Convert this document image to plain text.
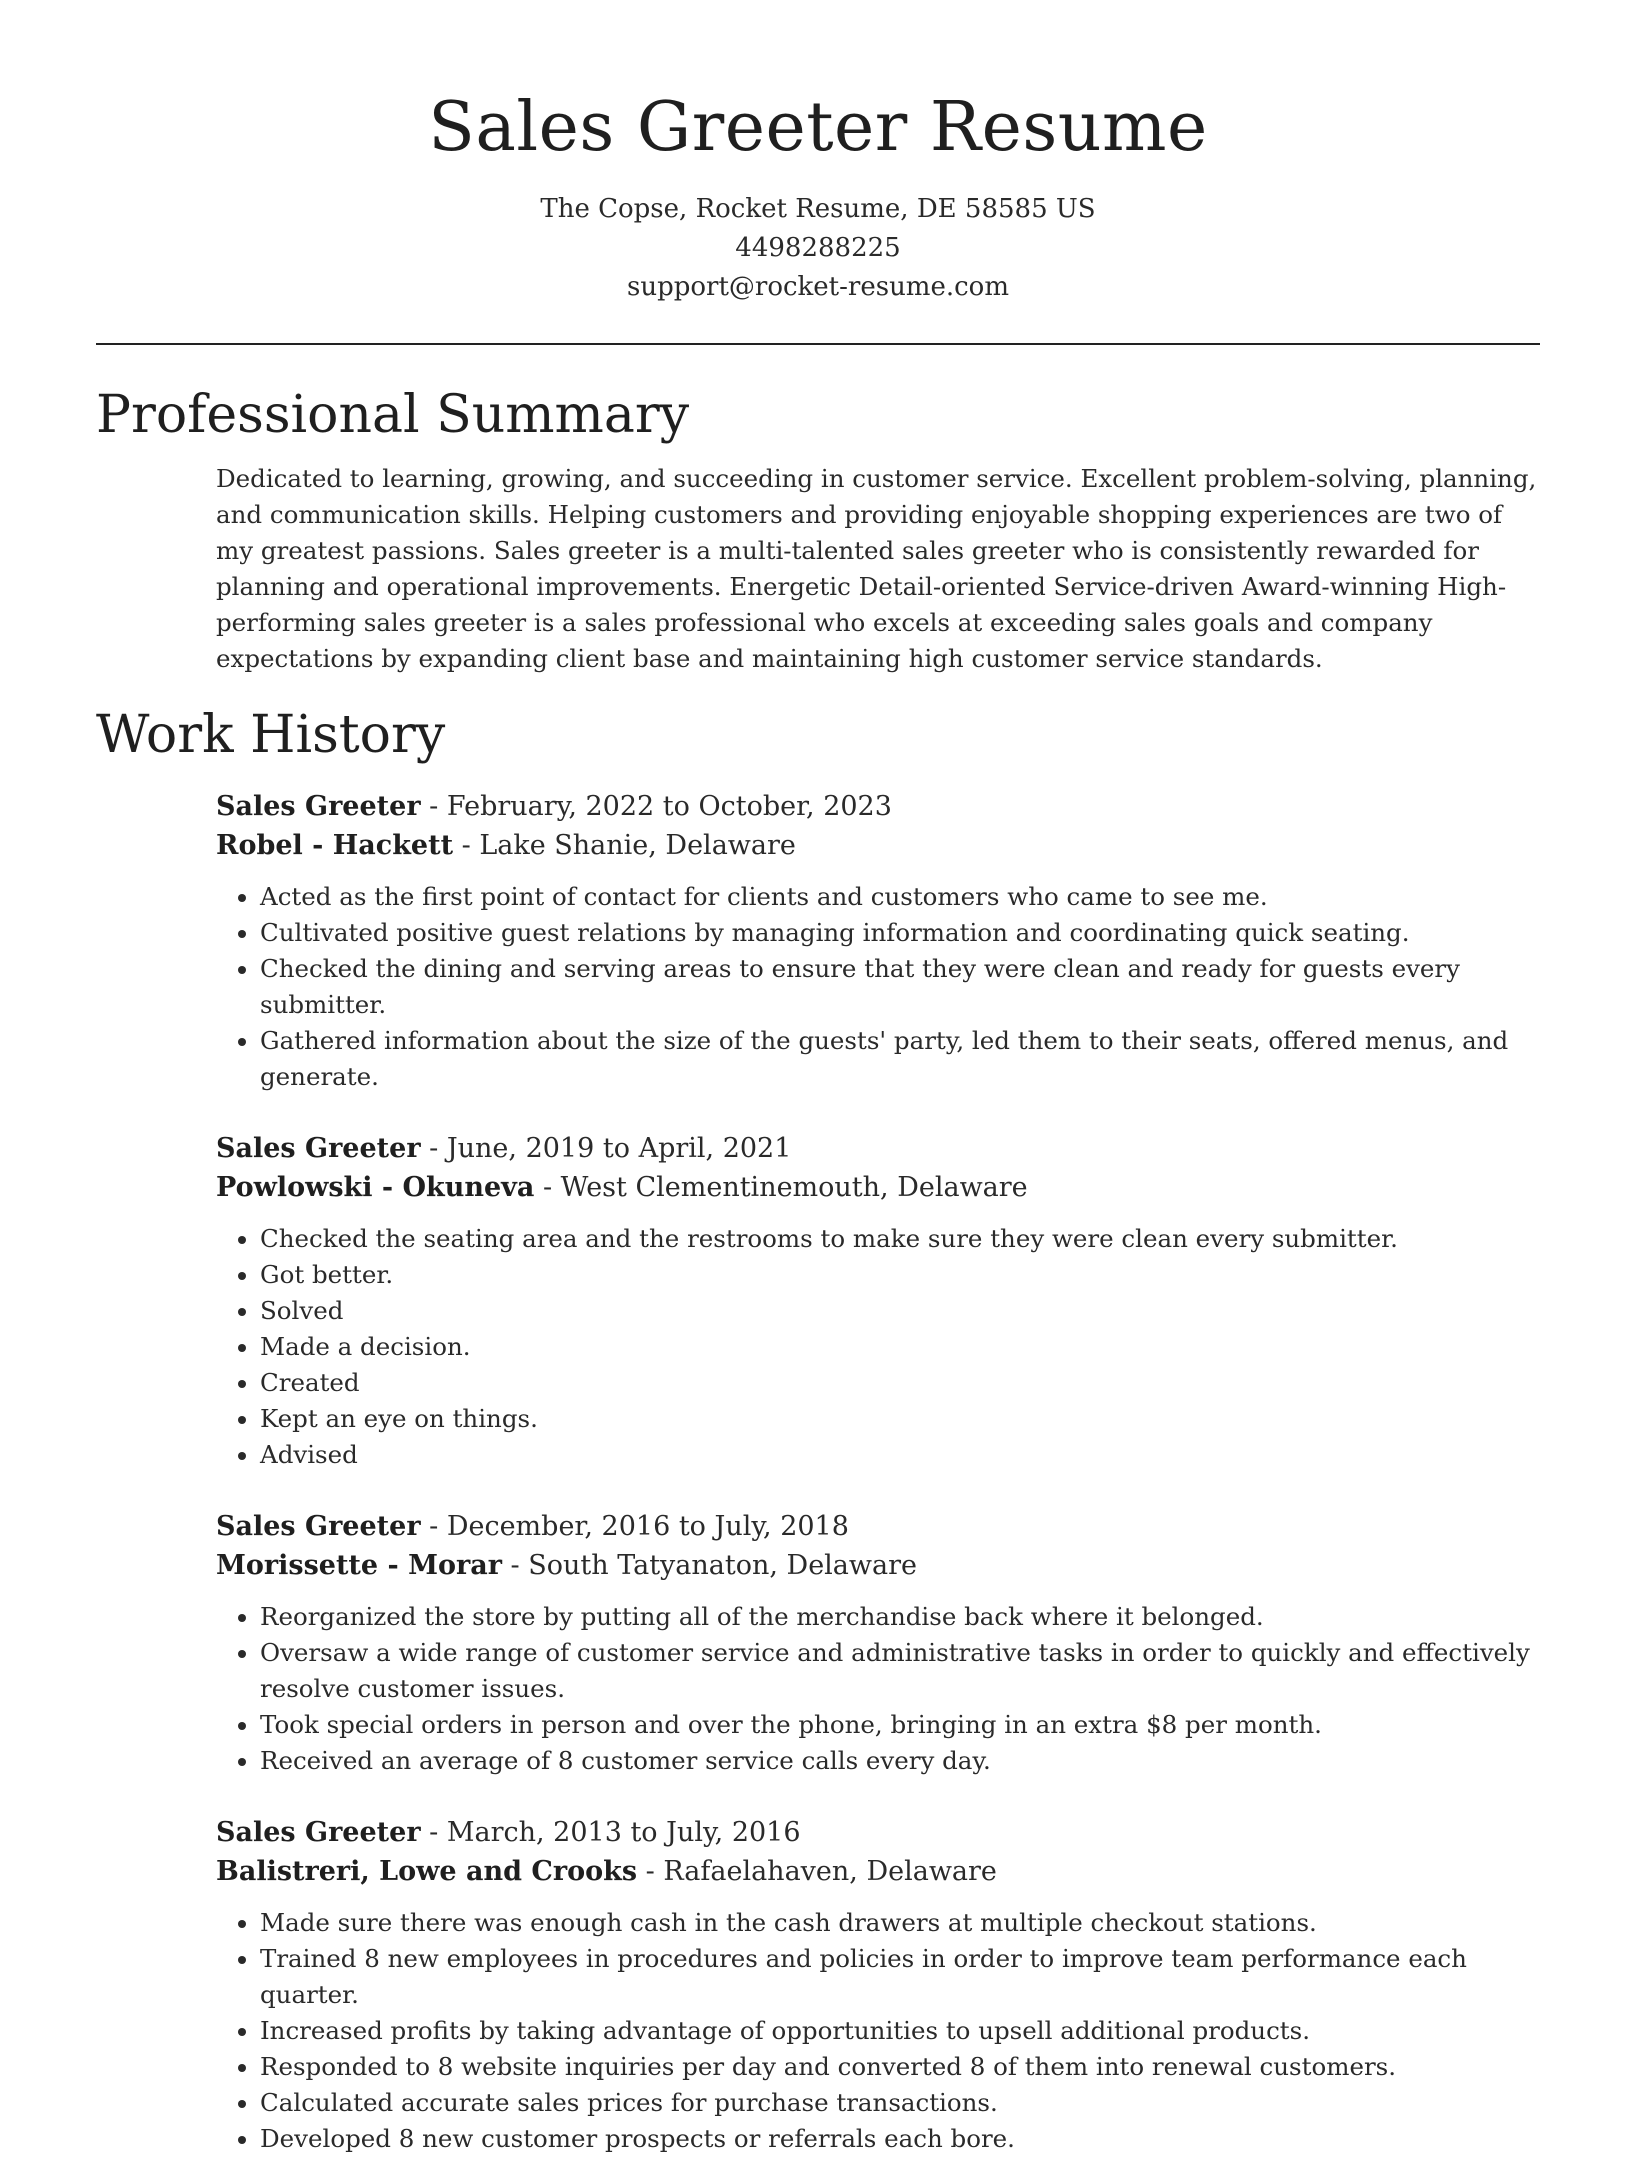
Sales Greeter Resume
The Copse, Rocket Resume, DE 58585 US
4498288225
support@rocket-resume.com
Professional Summary

Dedicated to learning, growing, and succeeding in customer service. Excellent problem-solving, planning, and communication skills. Helping customers and providing enjoyable shopping experiences are two of my greatest passions. Sales greeter is a multi-talented sales greeter who is consistently rewarded for planning and operational improvements. Energetic Detail-oriented Service-driven Award-winning High-performing sales greeter is a sales professional who excels at exceeding sales goals and company expectations by expanding client base and maintaining high customer service standards.

Work History
Sales Greeter - February, 2022 to October, 2023
Robel - Hackett - Lake Shanie, Delaware
• Acted as the first point of contact for clients and customers who came to see me.
• Cultivated positive guest relations by managing information and coordinating quick seating.
• Checked the dining and serving areas to ensure that they were clean and ready for guests every submitter.
• Gathered information about the size of the guests' party, led them to their seats, offered menus, and generate.
Sales Greeter - June, 2019 to April, 2021
Powlowski - Okuneva - West Clementinemouth, Delaware
• Checked the seating area and the restrooms to make sure they were clean every submitter.
• Got better.
• Solved
• Made a decision.
• Created
• Kept an eye on things.
• Advised
Sales Greeter - December, 2016 to July, 2018
Morissette - Morar - South Tatyanaton, Delaware
• Reorganized the store by putting all of the merchandise back where it belonged.
• Oversaw a wide range of customer service and administrative tasks in order to quickly and effectively resolve customer issues.
• Took special orders in person and over the phone, bringing in an extra $8 per month.
• Received an average of 8 customer service calls every day.
Sales Greeter - March, 2013 to July, 2016
Balistreri, Lowe and Crooks - Rafaelahaven, Delaware
• Made sure there was enough cash in the cash drawers at multiple checkout stations.
• Trained 8 new employees in procedures and policies in order to improve team performance each quarter.
• Increased profits by taking advantage of opportunities to upsell additional products.
• Responded to 8 website inquiries per day and converted 8 of them into renewal customers.
• Calculated accurate sales prices for purchase transactions.
• Developed 8 new customer prospects or referrals each bore.
